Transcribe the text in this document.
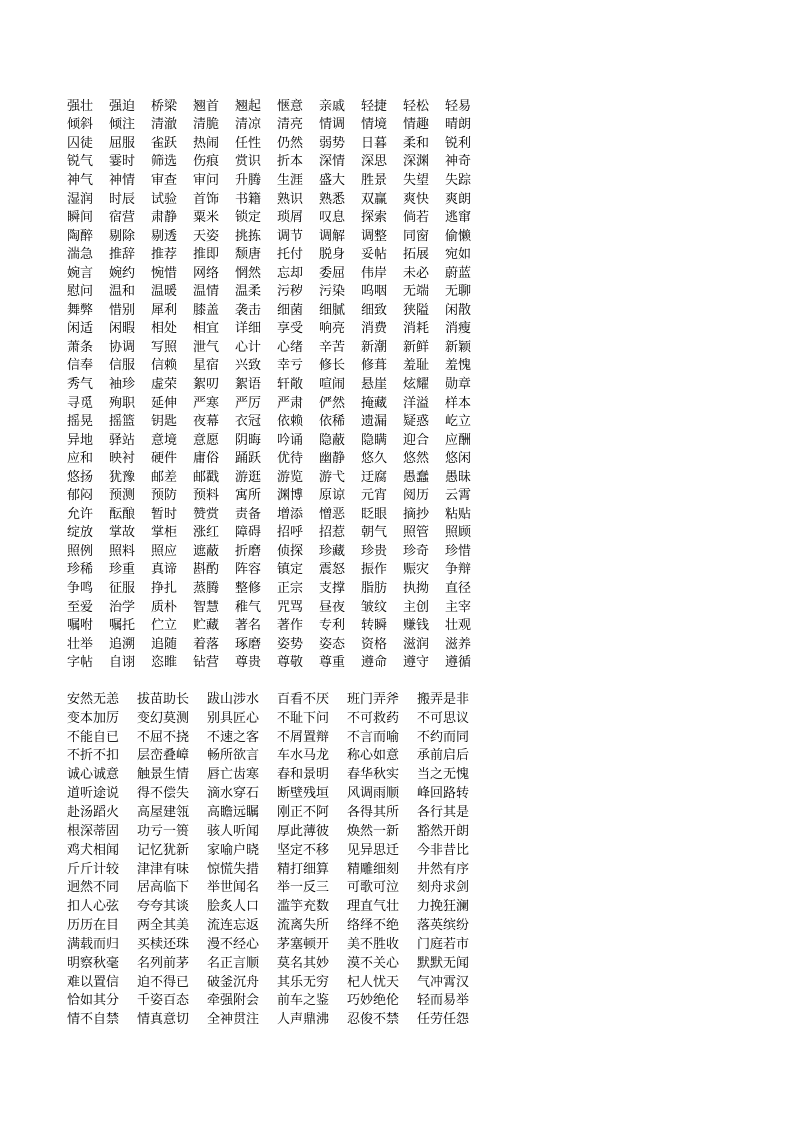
强壮	强迫	桥梁	翘首	翘起	惬意	亲戚	轻捷	轻松	轻易
倾斜	倾注	清澈	清脆	清凉	清亮	情调	情境	情趣	晴朗
囚徒	屈服	雀跃	热闹	任性	仍然	弱势	日暮	柔和	锐利
锐气	霎时	筛选	伤痕	赏识	折本	深情	深思	深渊	神奇
神气	神情	审查	审问	升腾	生涯	盛大	胜景	失望	失踪
湿润	时辰	试验	首饰	书籍	熟识	熟悉	双赢	爽快	爽朗
瞬间	宿营	肃静	粟米	锁定	琐屑	叹息	探索	倘若	逃窜
陶醉	剔除	剔透	天姿	挑拣	调节	调解	调整	同窗	偷懒
湍急	推辞	推荐	推即	颓唐	托付	脱身	妥帖	拓展	宛如
婉言	婉约	惋惜	网络	惘然	忘却	委屈	伟岸	未必	蔚蓝
慰问	温和	温暖	温情	温柔	污秽	污染	呜咽	无端	无聊
舞弊	惜别	犀利	膝盖	袭击	细菌	细腻	细致	狭隘	闲散
闲适	闲暇	相处	相宜	详细	享受	响亮	消费	消耗	消瘦
萧条	协调	写照	泄气	心计	心绪	辛苦	新潮	新鲜	新颖
信奉	信服	信赖	星宿	兴致	幸亏	修长	修葺	羞耻	羞愧
秀气	袖珍	虚荣	絮叨	絮语	轩敞	喧闹	悬崖	炫耀	勋章
寻觅	殉职	延伸	严寒	严厉	严肃	俨然	掩藏	洋溢	样本
摇晃	摇篮	钥匙	夜幕	衣冠	依赖	依稀	遗漏	疑惑	屹立
异地	驿站	意境	意愿	阴晦	吟诵	隐蔽	隐瞒	迎合	应酬
应和	映衬	硬件	庸俗	踊跃	优待	幽静	悠久	悠然	悠闲
悠扬	犹豫	邮差	邮戳	游逛	游览	游弋	迂腐	愚蠢	愚昧
郁闷	预测	预防	预料	寓所	渊博	原谅	元宵	阅历	云霄
允许	酝酿	暂时	赞赏	责备	增添	憎恶	眨眼	摘抄	粘贴
绽放	掌故	掌柜	涨红	障碍	招呼	招惹	朝气	照管	照顾
照例	照料	照应	遮蔽	折磨	侦探	珍藏	珍贵	珍奇	珍惜
珍稀	珍重	真谛	斟酌	阵容	镇定	震怒	振作	赈灾	争辩
争鸣	征服	挣扎	蒸腾	整修	正宗	支撑	脂肪	执拗	直径
至爱	治学	质朴	智慧	稚气	咒骂	昼夜	皱纹	主创	主宰
嘱咐	嘱托	伫立	贮藏	著名	著作	专利	转瞬	赚钱	壮观
壮举	追溯	追随	着落	琢磨	姿势	姿态	资格	滋润	滋养
字帖	自诩	恣睢	钻营	尊贵	尊敬	尊重	遵命	遵守	遵循
安然无恙	拔苗助长	跋山涉水	百看不厌	班门弄斧	搬弄是非
变本加厉	变幻莫测	别具匠心	不耻下问	不可救药	不可思议
不能自已	不屈不挠	不速之客	不屑置辩	不言而喻	不约而同
不折不扣	层峦叠嶂	畅所欲言	车水马龙	称心如意	承前启后
诚心诚意	触景生情	唇亡齿寒	春和景明	春华秋实	当之无愧
道听途说	得不偿失	滴水穿石	断壁残垣	风调雨顺	峰回路转
赴汤蹈火	高屋建瓴	高瞻远瞩	刚正不阿	各得其所	各行其是
根深蒂固	功亏一篑	骇人听闻	厚此薄彼	焕然一新	豁然开朗
鸡犬相闻	记忆犹新	家喻户晓	坚定不移	见异思迁	今非昔比
斤斤计较	津津有味	惊慌失措	精打细算	精雕细刻	井然有序
迥然不同	居高临下	举世闻名	举一反三	可歌可泣	刻舟求剑
扣人心弦	夸夸其谈	脍炙人口	滥竽充数	理直气壮	力挽狂澜
历历在目	两全其美	流连忘返	流离失所	络绎不绝	落英缤纷
满载而归	买椟还珠	漫不经心	茅塞顿开	美不胜收	门庭若市
明察秋毫	名列前茅	名正言顺	莫名其妙	漠不关心	默默无闻
难以置信	迫不得已	破釜沉舟	其乐无穷	杞人忧天	气冲霄汉
恰如其分	千姿百态	牵强附会	前车之鉴	巧妙绝伦	轻而易举
情不自禁	情真意切	全神贯注	人声鼎沸	忍俊不禁	任劳任怨
